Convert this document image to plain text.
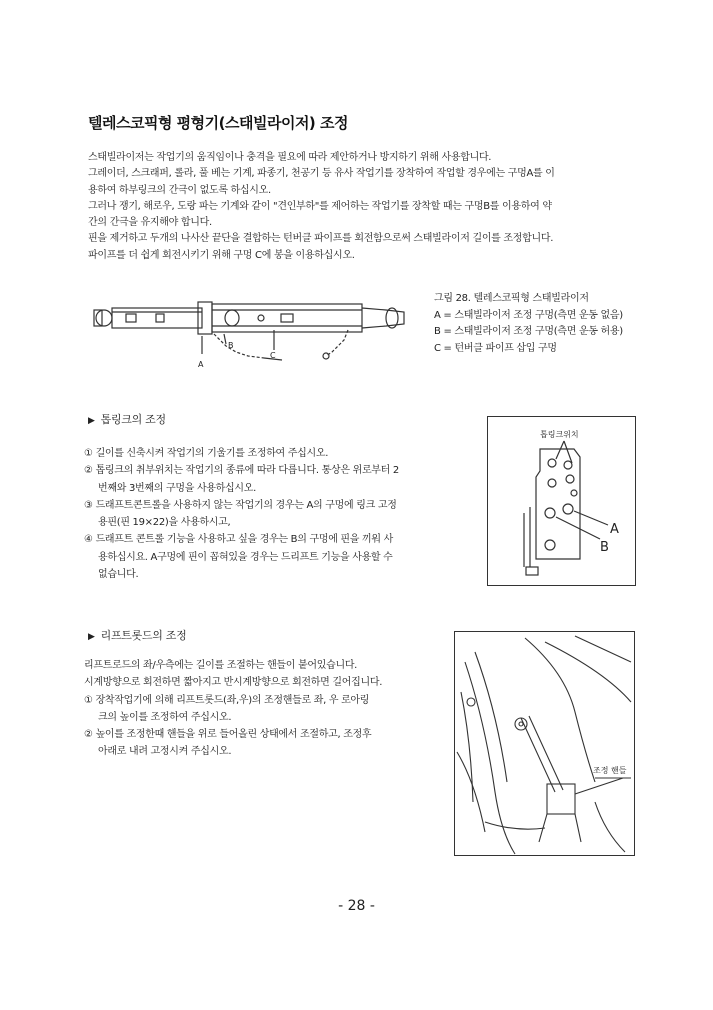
텔레스코픽형 평형기(스태빌라이저) 조정
스태빌라이저는 작업기의 움직임이나 충격을 필요에 따라 제안하거나 방지하기 위해 사용합니다.
그레이더, 스크래퍼, 롤라, 풀 베는 기계, 파종기, 천공기 등 유사 작업기를 장착하여 작업할 경우에는 구멍A를 이
용하여 하부링크의 간극이 없도록 하십시오.
그러나 쟁기, 해로우, 도랑 파는 기계와 같이 "견인부하"를 제어하는 작업기를 장착할 때는 구멍B를 이용하여 약
간의 간극을 유지해야 합니다.
핀을 제거하고 두개의 나사산 끝단을 결합하는 턴버클 파이프를 회전함으로써 스태빌라이저 길이를 조정합니다.
파이프를 더 쉽게 회전시키기 위해 구멍 C에 봉을 이용하십시오.
A
B
C
그림 28. 텔레스코픽형 스태빌라이저
A = 스태빌라이저 조정 구멍(측면 운동 없음)
B = 스태빌라이저 조정 구멍(측면 운동 허용)
C = 턴버클 파이프 삽입 구멍
▶ 톱링크의 조정
① 길이를 신축시켜 작업기의 기울기를 조정하여 주십시오.
② 톱링크의 취부위치는 작업기의 종류에 따라 다릅니다. 통상은 위로부터 2
번째와 3번째의 구멍을 사용하십시오.
③ 드래프트콘트롤을 사용하지 않는 작업기의 경우는 A의 구멍에 링크 고정
용핀(핀 19×22)을 사용하시고,
④ 드래프트 콘트롤 기능을 사용하고 싶을 경우는 B의 구멍에 핀을 끼워 사
용하십시요. A구멍에 핀이 꼽혀있을 경우는 드리프트 기능을 사용할 수
없습니다.
톱링크위치
A
B
▶ 리프트롯드의 조정
리프트로드의 좌/우측에는 길이를 조절하는 핸들이 붙어있습니다.
시계방향으로 회전하면 짧아지고 반시계방향으로 회전하면 길어집니다.
① 장착작업기에 의해 리프트롯드(좌,우)의 조정핸들로 좌, 우 로아링
크의 높이를 조정하여 주십시오.
② 높이를 조정한때 핸들을 위로 들어올린 상태에서 조절하고, 조정후
아래로 내려 고정시켜 주십시오.
조정 핸들
- 28 -
